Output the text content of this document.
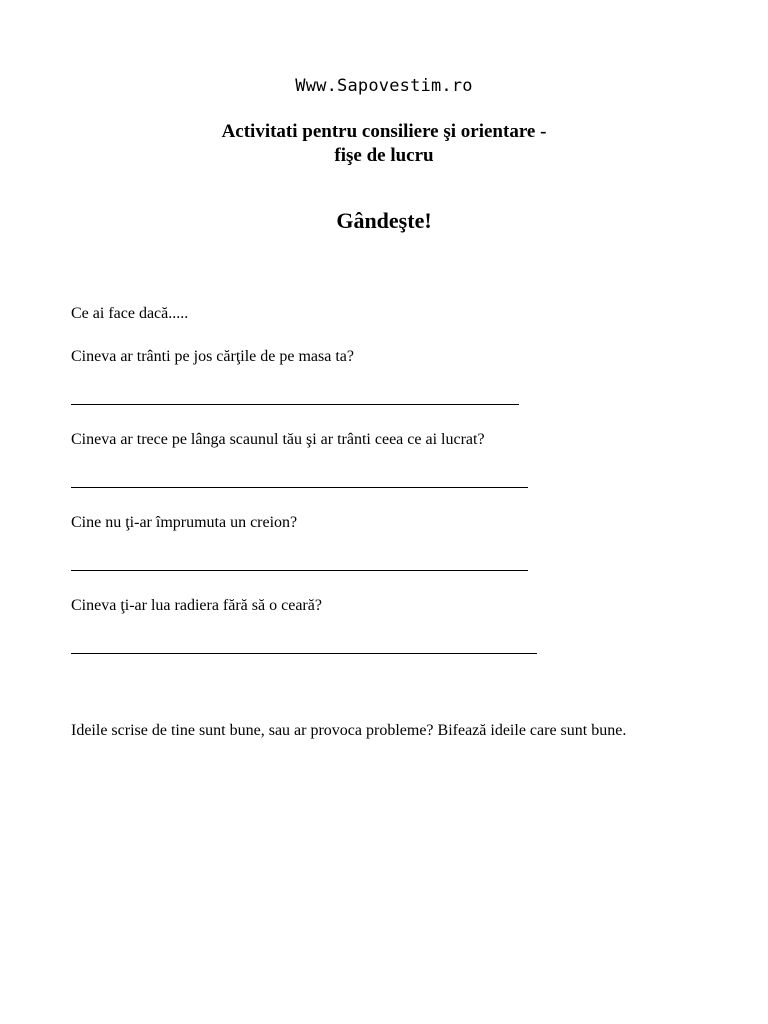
Www.Sapovestim.ro
Activitati pentru consiliere şi orientare -
fişe de lucru
Gândeşte!
Ce ai face dacă.....
Cineva ar trânti pe jos cărţile de pe masa ta?
Cineva ar trece pe lânga scaunul tău şi ar trânti ceea ce ai lucrat?
Cine nu ţi-ar împrumuta un creion?
Cineva ţi-ar lua radiera fără să o ceară?
Ideile scrise de tine sunt bune, sau ar provoca probleme? Bifează ideile care sunt bune.
